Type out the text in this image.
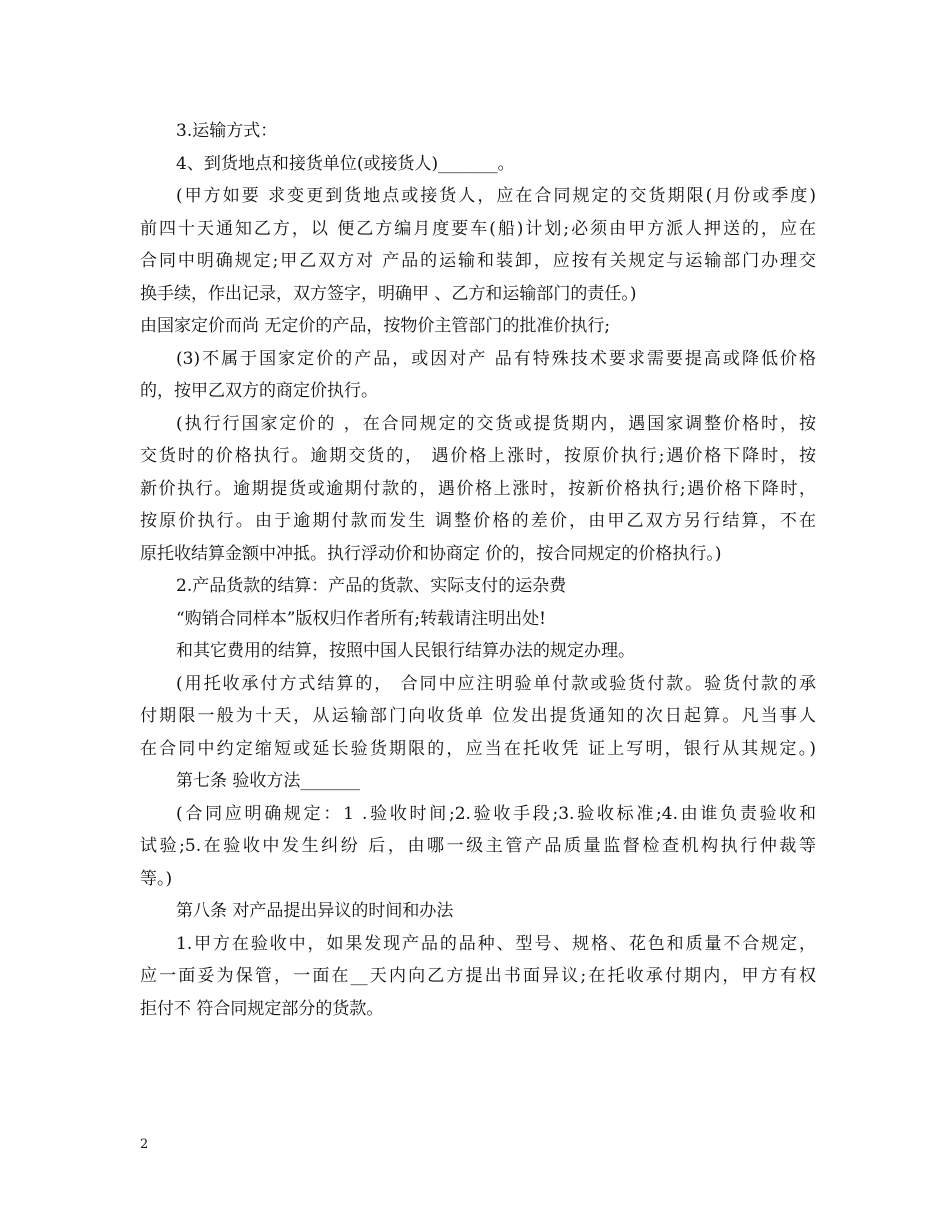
3.运输方式：
4、到货地点和接货单位(或接货人)_______。
(甲方如要 求变更到货地点或接货人，应在合同规定的交货期限(月份或季度)
前四十天通知乙方，以 便乙方编月度要车(船)计划;必须由甲方派人押送的，应在
合同中明确规定;甲乙双方对 产品的运输和装卸，应按有关规定与运输部门办理交
换手续，作出记录，双方签字，明确甲 、乙方和运输部门的责任。)
由国家定价而尚 无定价的产品，按物价主管部门的批准价执行;
(3)不属于国家定价的产品，或因对产 品有特殊技术要求需要提高或降低价格
的，按甲乙双方的商定价执行。
(执行行国家定价的 ，在合同规定的交货或提货期内，遇国家调整价格时，按
交货时的价格执行。逾期交货的， 遇价格上涨时，按原价执行;遇价格下降时，按
新价执行。逾期提货或逾期付款的，遇价格上涨时，按新价格执行;遇价格下降时，
按原价执行。由于逾期付款而发生 调整价格的差价，由甲乙双方另行结算，不在
原托收结算金额中冲抵。执行浮动价和协商定 价的，按合同规定的价格执行。)
2.产品货款的结算：产品的货款、实际支付的运杂费
“购销合同样本”版权归作者所有;转载请注明出处!
和其它费用的结算，按照中国人民银行结算办法的规定办理。
(用托收承付方式结算的， 合同中应注明验单付款或验货付款。验货付款的承
付期限一般为十天，从运输部门向收货单 位发出提货通知的次日起算。凡当事人
在合同中约定缩短或延长验货期限的，应当在托收凭 证上写明，银行从其规定。)
第七条 验收方法_______
(合同应明确规定：1 .验收时间;2.验收手段;3.验收标准;4.由谁负责验收和
试验;5.在验收中发生纠纷 后，由哪一级主管产品质量监督检查机构执行仲裁等
等。)
第八条 对产品提出异议的时间和办法
1.甲方在验收中，如果发现产品的品种、型号、规格、花色和质量不合规定，
应一面妥为保管，一面在__天内向乙方提出书面异议;在托收承付期内，甲方有权
拒付不 符合同规定部分的货款。
2
